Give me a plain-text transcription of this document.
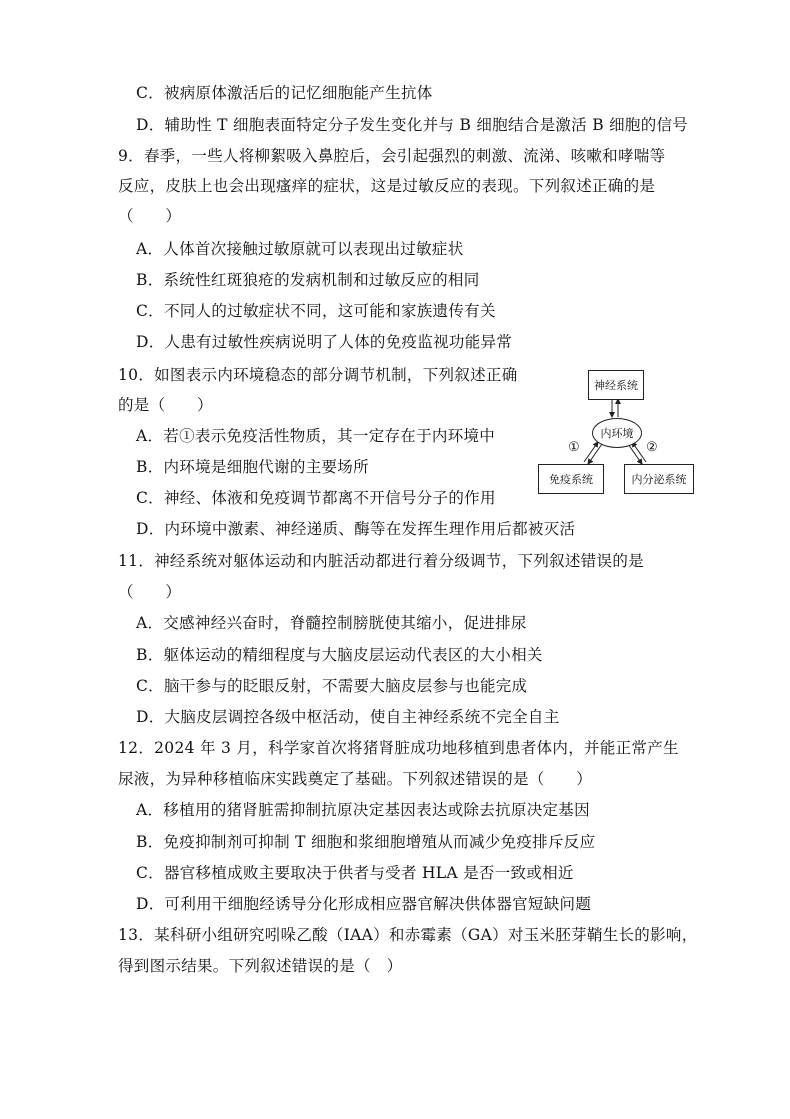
C．被病原体激活后的记忆细胞能产生抗体
D．辅助性 T 细胞表面特定分子发生变化并与 B 细胞结合是激活 B 细胞的信号
9．春季，一些人将柳絮吸入鼻腔后，会引起强烈的刺激、流涕、咳嗽和哮喘等
反应，皮肤上也会出现瘙痒的症状，这是过敏反应的表现。下列叙述正确的是
（　　）
A．人体首次接触过敏原就可以表现出过敏症状
B．系统性红斑狼疮的发病机制和过敏反应的相同
C．不同人的过敏症状不同，这可能和家族遗传有关
D．人患有过敏性疾病说明了人体的免疫监视功能异常
10．如图表示内环境稳态的部分调节机制，下列叙述正确
的是（　　）
A．若①表示免疫活性物质，其一定存在于内环境中
B．内环境是细胞代谢的主要场所
C．神经、体液和免疫调节都离不开信号分子的作用
D．内环境中激素、神经递质、酶等在发挥生理作用后都被灭活
神经系统
内环境
免疫系统	内分泌系统
①	②
11．神经系统对躯体运动和内脏活动都进行着分级调节，下列叙述错误的是
（　　）
A．交感神经兴奋时，脊髓控制膀胱使其缩小，促进排尿
B．躯体运动的精细程度与大脑皮层运动代表区的大小相关
C．脑干参与的眨眼反射，不需要大脑皮层参与也能完成
D．大脑皮层调控各级中枢活动，使自主神经系统不完全自主
12．2024 年 3 月，科学家首次将猪肾脏成功地移植到患者体内，并能正常产生
尿液，为异种移植临床实践奠定了基础。下列叙述错误的是（　　）
A．移植用的猪肾脏需抑制抗原决定基因表达或除去抗原决定基因
B．免疫抑制剂可抑制 T 细胞和浆细胞增殖从而减少免疫排斥反应
C．器官移植成败主要取决于供者与受者 HLA 是否一致或相近
D．可利用干细胞经诱导分化形成相应器官解决供体器官短缺问题
13．某科研小组研究吲哚乙酸（IAA）和赤霉素（GA）对玉米胚芽鞘生长的影响，
得到图示结果。下列叙述错误的是（　）
